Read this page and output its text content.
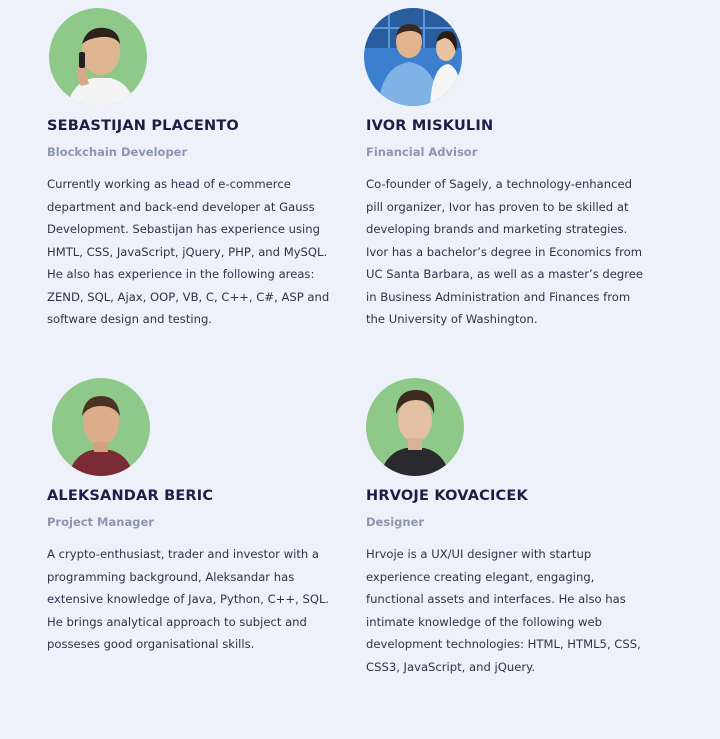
SEBASTIJAN PLACENTO
Blockchain Developer

Currently working as head of e-commerce
department and back-end developer at Gauss
Development. Sebastijan has experience using
HMTL, CSS, JavaScript, jQuery, PHP, and MySQL.
He also has experience in the following areas:
ZEND, SQL, Ajax, OOP, VB, C, C++, C#, ASP and
software design and testing.

IVOR MISKULIN
Financial Advisor

Co-founder of Sagely, a technology-enhanced
pill organizer, Ivor has proven to be skilled at
developing brands and marketing strategies.
Ivor has a bachelor’s degree in Economics from
UC Santa Barbara, as well as a master’s degree
in Business Administration and Finances from
the University of Washington.

ALEKSANDAR BERIC
Project Manager

A crypto-enthusiast, trader and investor with a
programming background, Aleksandar has
extensive knowledge of Java, Python, C++, SQL.
He brings analytical approach to subject and
posseses good organisational skills.

HRVOJE KOVACICEK
Designer

Hrvoje is a UX/UI designer with startup
experience creating elegant, engaging,
functional assets and interfaces. He also has
intimate knowledge of the following web
development technologies: HTML, HTML5, CSS,
CSS3, JavaScript, and jQuery.
